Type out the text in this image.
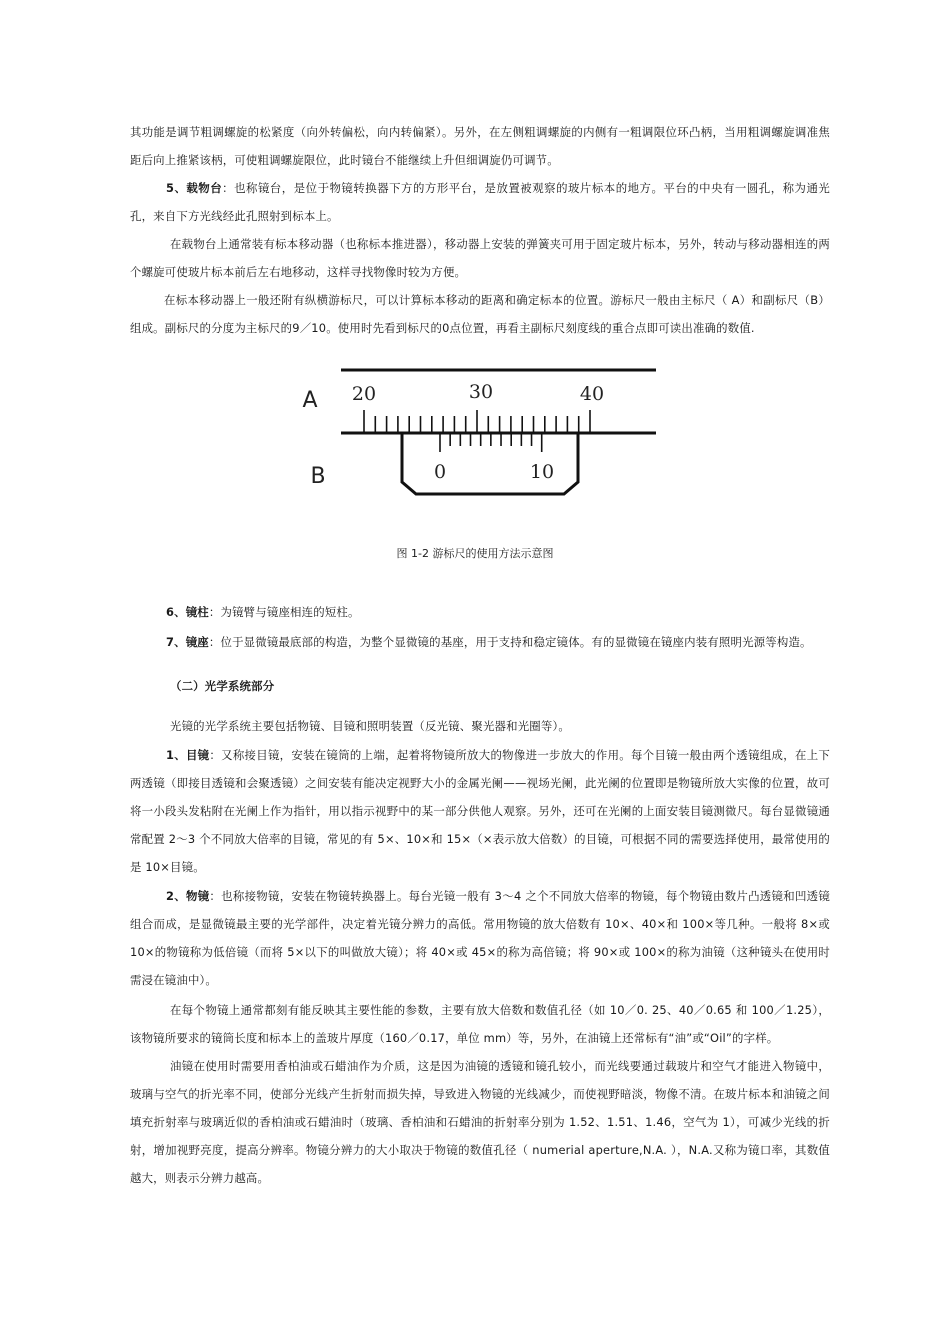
其功能是调节粗调螺旋的松紧度（向外转偏松，向内转偏紧）。另外，在左侧粗调螺旋的内侧有一粗调限位环凸柄，当用粗调螺旋调准焦距后向上推紧该柄，可使粗调螺旋限位，此时镜台不能继续上升但细调旋仍可调节。

5、载物台：也称镜台，是位于物镜转换器下方的方形平台，是放置被观察的玻片标本的地方。平台的中央有一圆孔，称为通光孔，来自下方光线经此孔照射到标本上。

在载物台上通常装有标本移动器（也称标本推进器），移动器上安装的弹簧夹可用于固定玻片标本，另外，转动与移动器相连的两个螺旋可使玻片标本前后左右地移动，这样寻找物像时较为方便。

在标本移动器上一般还附有纵横游标尺，可以计算标本移动的距离和确定标本的位置。游标尺一般由主标尺（ A）和副标尺（B）组成。副标尺的分度为主标尺的9／10。使用时先看到标尺的0点位置，再看主副标尺刻度线的重合点即可读出准确的数值.

A
B
20	30	40
0	10
图 1-2 游标尺的使用方法示意图

6、镜柱：为镜臂与镜座相连的短柱。

7、镜座：位于显微镜最底部的构造，为整个显微镜的基座，用于支持和稳定镜体。有的显微镜在镜座内装有照明光源等构造。

（二）光学系统部分

光镜的光学系统主要包括物镜、目镜和照明装置（反光镜、聚光器和光圈等）。

1、目镜：又称接目镜，安装在镜筒的上端，起着将物镜所放大的物像进一步放大的作用。每个目镜一般由两个透镜组成，在上下两透镜（即接目透镜和会聚透镜）之间安装有能决定视野大小的金属光阑——视场光阑，此光阑的位置即是物镜所放大实像的位置，故可将一小段头发粘附在光阑上作为指针，用以指示视野中的某一部分供他人观察。另外，还可在光阑的上面安装目镜测微尺。每台显微镜通常配置 2～3 个不同放大倍率的目镜，常见的有 5×、10×和 15×（×表示放大倍数）的目镜，可根据不同的需要选择使用，最常使用的是 10×目镜。

2、物镜：也称接物镜，安装在物镜转换器上。每台光镜一般有 3～4 之个不同放大倍率的物镜，每个物镜由数片凸透镜和凹透镜组合而成，是显微镜最主要的光学部件，决定着光镜分辨力的高低。常用物镜的放大倍数有 10×、40×和 100×等几种。一般将 8×或 10×的物镜称为低倍镜（而将 5×以下的叫做放大镜）；将 40×或 45×的称为高倍镜；将 90×或 100×的称为油镜（这种镜头在使用时需浸在镜油中）。

在每个物镜上通常都刻有能反映其主要性能的参数，主要有放大倍数和数值孔径（如 10／0. 25、40／0.65 和 100／1.25），该物镜所要求的镜筒长度和标本上的盖玻片厚度（160／0.17，单位 mm）等，另外，在油镜上还常标有“油”或“Oil”的字样。

油镜在使用时需要用香柏油或石蜡油作为介质，这是因为油镜的透镜和镜孔较小，而光线要通过载玻片和空气才能进入物镜中，玻璃与空气的折光率不同，使部分光线产生折射而损失掉，导致进入物镜的光线减少，而使视野暗淡，物像不清。在玻片标本和油镜之间填充折射率与玻璃近似的香柏油或石蜡油时（玻璃、香柏油和石蜡油的折射率分别为 1.52、1.51、1.46，空气为 1），可减少光线的折射，增加视野亮度，提高分辨率。物镜分辨力的大小取决于物镜的数值孔径（ numerial aperture,N.A. ），N.A.又称为镜口率，其数值越大，则表示分辨力越高。
